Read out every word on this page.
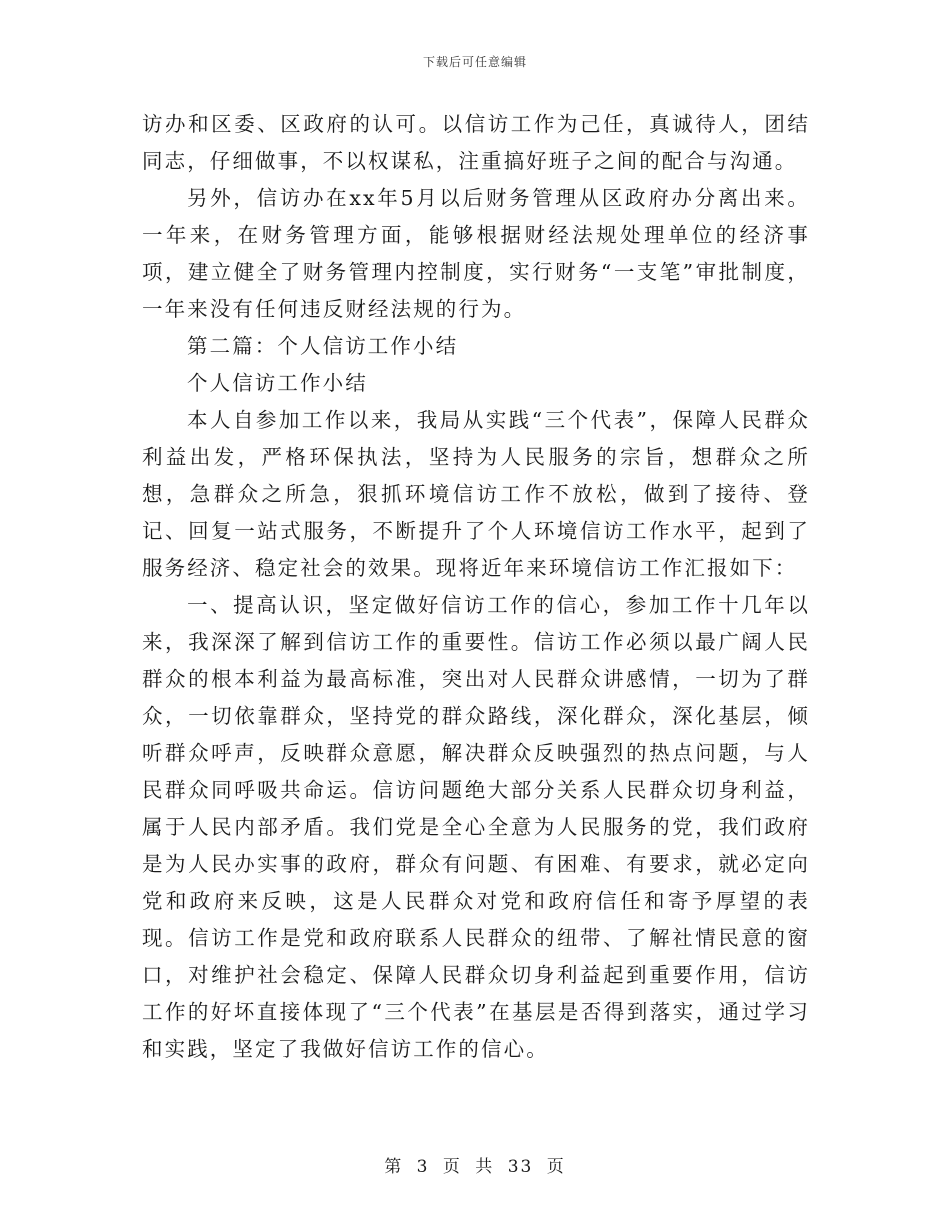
下载后可任意编辑

访办和区委、区政府的认可。以信访工作为己任，真诚待人，团结同志，仔细做事，不以权谋私，注重搞好班子之间的配合与沟通。

另外，信访办在xx年5月以后财务管理从区政府办分离出来。一年来，在财务管理方面，能够根据财经法规处理单位的经济事项，建立健全了财务管理内控制度，实行财务“一支笔”审批制度，一年来没有任何违反财经法规的行为。

第二篇：个人信访工作小结

个人信访工作小结

本人自参加工作以来，我局从实践“三个代表”，保障人民群众利益出发，严格环保执法，坚持为人民服务的宗旨，想群众之所想，急群众之所急，狠抓环境信访工作不放松，做到了接待、登记、回复一站式服务，不断提升了个人环境信访工作水平，起到了服务经济、稳定社会的效果。现将近年来环境信访工作汇报如下：

一、提高认识，坚定做好信访工作的信心，参加工作十几年以来，我深深了解到信访工作的重要性。信访工作必须以最广阔人民群众的根本利益为最高标准，突出对人民群众讲感情，一切为了群众，一切依靠群众，坚持党的群众路线，深化群众，深化基层，倾听群众呼声，反映群众意愿，解决群众反映强烈的热点问题，与人民群众同呼吸共命运。信访问题绝大部分关系人民群众切身利益，属于人民内部矛盾。我们党是全心全意为人民服务的党，我们政府是为人民办实事的政府，群众有问题、有困难、有要求，就必定向党和政府来反映，这是人民群众对党和政府信任和寄予厚望的表现。信访工作是党和政府联系人民群众的纽带、了解社情民意的窗口，对维护社会稳定、保障人民群众切身利益起到重要作用，信访工作的好坏直接体现了“三个代表”在基层是否得到落实，通过学习和实践，坚定了我做好信访工作的信心。

第 3 页 共 33 页
